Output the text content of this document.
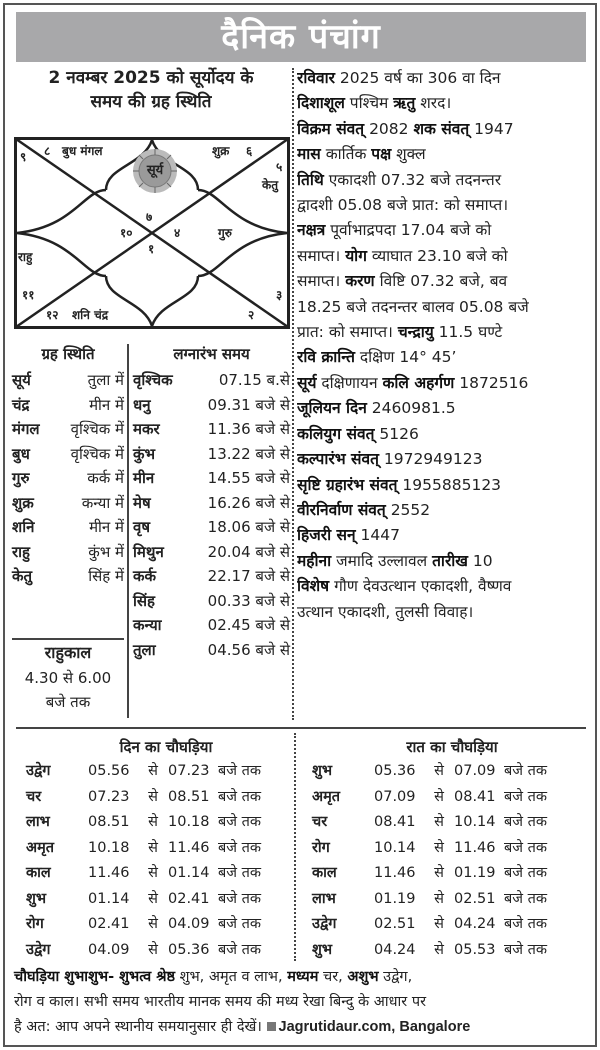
दैनिक पंचांग
2 नवम्बर 2025 को सूर्योदय के
समय की ग्रह स्थिति
सूर्य
९ ८ बुध मंगल	शुक्र ६
५
केतु
७
१०	४	गुरु
१
राहु
११	३
१२ शनि चंद्र	२
ग्रह स्थिति
सूर्य	तुला में
चंद्र	मीन में
मंगल वृश्चिक में
बुध	वृश्चिक में
गुरु	कर्क में
शुक्र	कन्या में
शनि	मीन में
राहु	कुंभ में
केतु	सिंह में
राहुकाल
4.30 से 6.00
बजे तक
लग्नारंभ समय
वृश्चिक	07.15 ब.से
धनु	09.31 बजे से
मकर	11.36 बजे से
कुंभ	13.22 बजे से
मीन	14.55 बजे से
मेष	16.26 बजे से
वृष	18.06 बजे से
मिथुन	20.04 बजे से
कर्क	22.17 बजे से
सिंह	00.33 बजे से
कन्या	02.45 बजे से
तुला	04.56 बजे से
रविवार 2025 वर्ष का 306 वा दिन
दिशाशूल पश्चिम ऋतु शरद।
विक्रम संवत् 2082 शक संवत् 1947
मास कार्तिक पक्ष शुक्ल
तिथि एकादशी 07.32 बजे तदनन्तर
द्वादशी 05.08 बजे प्रात: को समाप्त।
नक्षत्र पूर्वाभाद्रपदा 17.04 बजे को
समाप्त। योग व्याघात 23.10 बजे को
समाप्त। करण विष्टि 07.32 बजे, बव
18.25 बजे तदनन्तर बालव 05.08 बजे
प्रात: को समाप्त। चन्द्रायु 11.5 घण्टे
रवि क्रान्ति दक्षिण 14° 45’
सूर्य दक्षिणायन कलि अहर्गण 1872516
जूलियन दिन 2460981.5
कलियुग संवत् 5126
कल्पारंभ संवत् 1972949123
सृष्टि ग्रहारंभ संवत् 1955885123
वीरनिर्वाण संवत् 2552
हिजरी सन् 1447
महीना जमादि उल्लावल तारीख 10
विशेष गौण देवउत्थान एकादशी, वैष्णव
उत्थान एकादशी, तुलसी विवाह।
दिन का चौघड़िया
उद्वेग	05.56	से 07.23 बजे तक
चर	07.23	से 08.51 बजे तक
लाभ	08.51	से 10.18 बजे तक
अमृत	10.18	से 11.46 बजे तक
काल	11.46	से 01.14 बजे तक
शुभ	01.14	से 02.41 बजे तक
रोग	02.41	से 04.09 बजे तक
उद्वेग	04.09	से 05.36 बजे तक
रात का चौघड़िया
शुभ	05.36	से 07.09 बजे तक
अमृत	07.09	से 08.41 बजे तक
चर	08.41	से 10.14 बजे तक
रोग	10.14	से 11.46 बजे तक
काल	11.46	से 01.19 बजे तक
लाभ	01.19	से 02.51 बजे तक
उद्वेग	02.51	से 04.24 बजे तक
शुभ	04.24	से 05.53 बजे तक
चौघड़िया शुभाशुभ- शुभत्व श्रेष्ठ शुभ, अमृत व लाभ, मध्यम चर, अशुभ उद्वेग,
रोग व काल। सभी समय भारतीय मानक समय की मध्य रेखा बिन्दु के आधार पर
है अत: आप अपने स्थानीय समयानुसार ही देखें। Jagrutidaur.com, Bangalore
